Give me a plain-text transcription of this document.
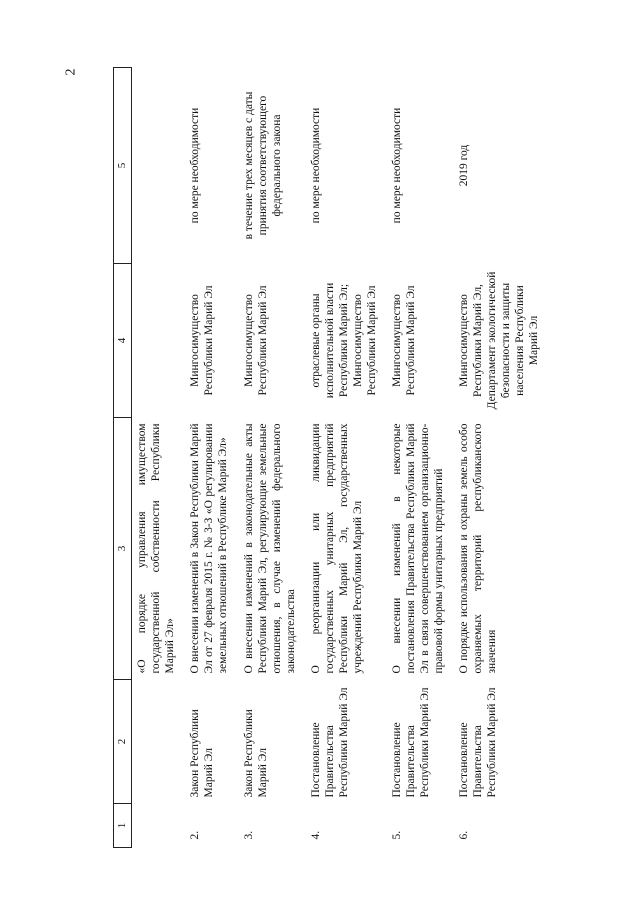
2
1	2	3	4	5
		«О порядке управления имуществом государственной собственности Республики Марий Эл»		
2.	Закон Республики Марий Эл	О внесении изменений в Закон Республики Марий Эл от 27 февраля 2015 г. № 3-З «О регулировании земельных отношений в Республике Марий Эл»	Мингосимущество Республики Марий Эл	по мере необходимости
3.	Закон Республики Марий Эл	О внесении изменений в законодательные акты Республики Марий Эл, регулирующие земельные отношения, в случае изменений федерального законодательства	Мингосимущество Республики Марий Эл	в течение трех месяцев с даты принятия соответствующего федерального закона
4.	Постановление Правительства Республики Марий Эл	О реорганизации или ликвидации государственных унитарных предприятий Республики Марий Эл, государственных учреждений Республики Марий Эл	отраслевые органы исполнительной власти Республики Марий Эл; Мингосимущество Республики Марий Эл	по мере необходимости
5.	Постановление Правительства Республики Марий Эл	О внесении изменений в некоторые постановления Правительства Республики Марий Эл в связи совершенствованием организационно-правовой формы унитарных предприятий	Мингосимущество Республики Марий Эл	по мере необходимости
6.	Постановление Правительства Республики Марий Эл	О порядке использования и охраны земель особо охраняемых территорий республиканского значения	Мингосимущество Республики Марий Эл, Департамент экологической безопасности и защиты населения Республики Марий Эл	2019 год
